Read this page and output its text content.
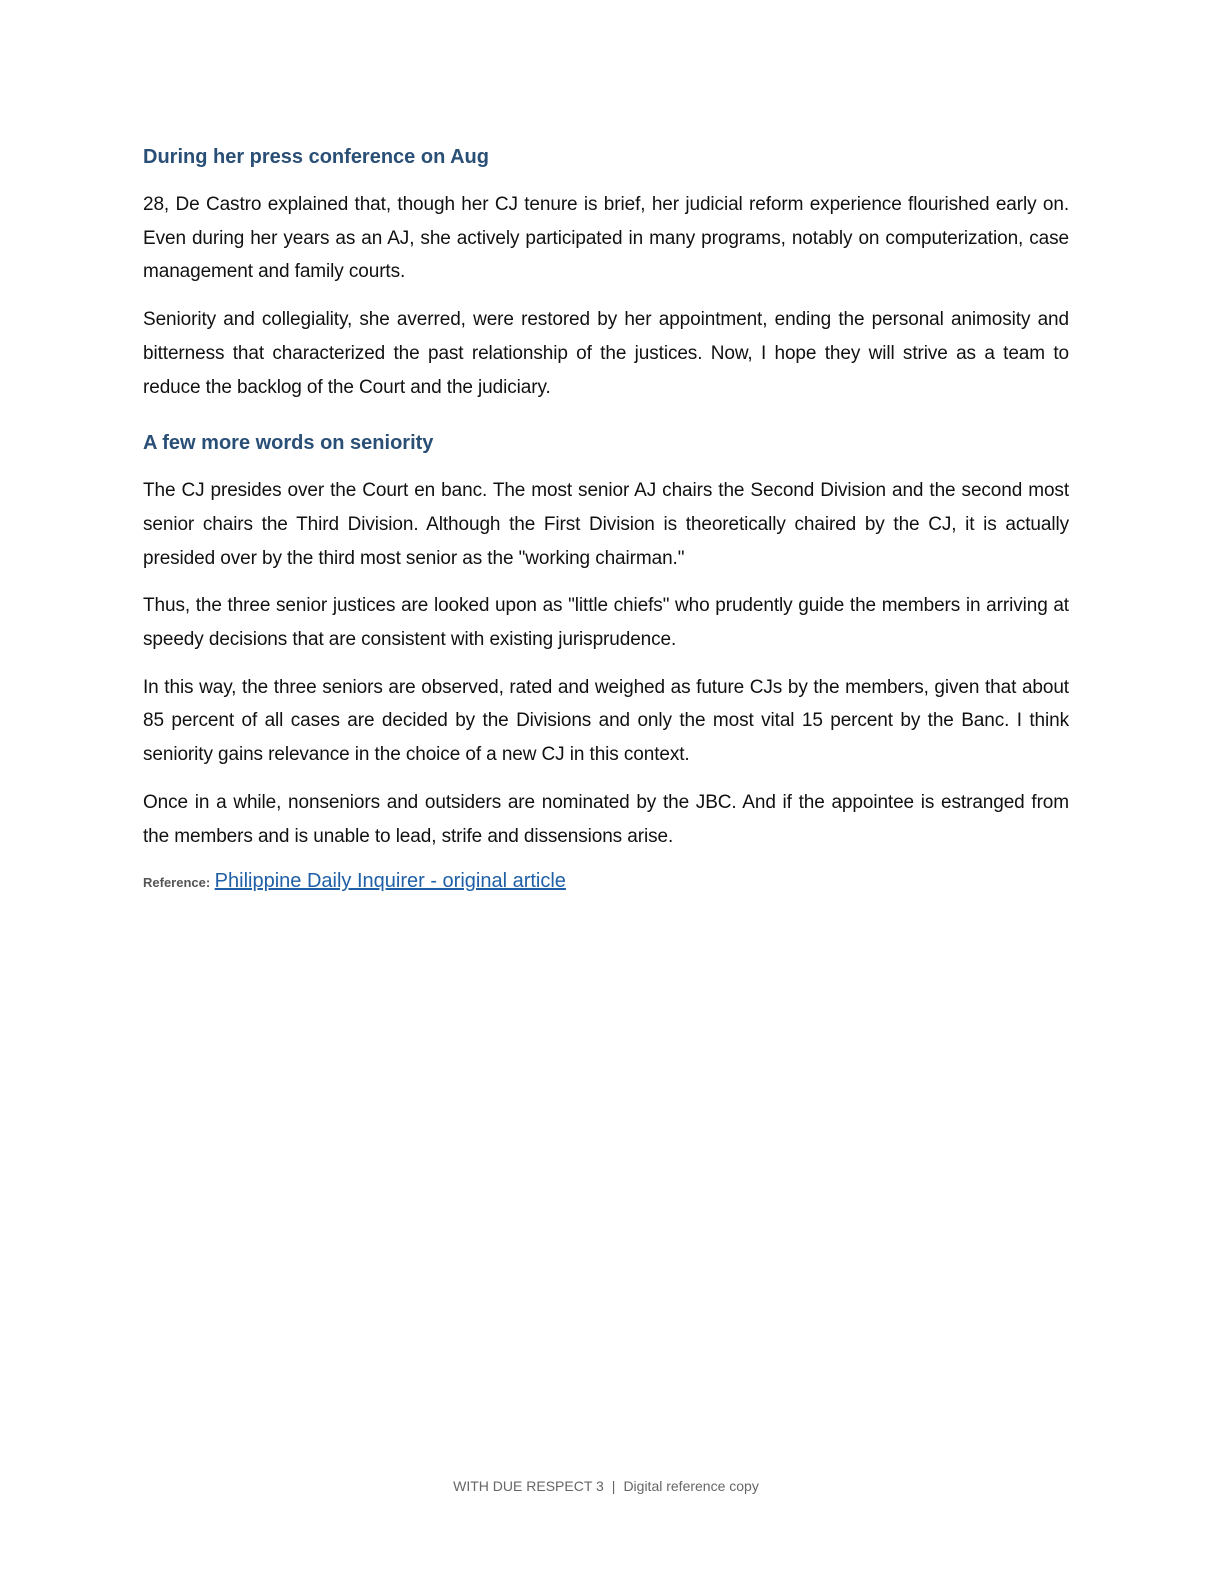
During her press conference on Aug

28, De Castro explained that, though her CJ tenure is brief, her judicial reform experience flourished early on. Even during her years as an AJ, she actively participated in many programs, notably on computerization, case management and family courts.

Seniority and collegiality, she averred, were restored by her appointment, ending the personal animosity and bitterness that characterized the past relationship of the justices. Now, I hope they will strive as a team to reduce the backlog of the Court and the judiciary.

A few more words on seniority

The CJ presides over the Court en banc. The most senior AJ chairs the Second Division and the second most senior chairs the Third Division. Although the First Division is theoretically chaired by the CJ, it is actually presided over by the third most senior as the "working chairman."

Thus, the three senior justices are looked upon as "little chiefs" who prudently guide the members in arriving at speedy decisions that are consistent with existing jurisprudence.

In this way, the three seniors are observed, rated and weighed as future CJs by the members, given that about 85 percent of all cases are decided by the Divisions and only the most vital 15 percent by the Banc. I think seniority gains relevance in the choice of a new CJ in this context.

Once in a while, nonseniors and outsiders are nominated by the JBC. And if the appointee is estranged from the members and is unable to lead, strife and dissensions arise.

Reference: Philippine Daily Inquirer - original article
WITH DUE RESPECT 3 | Digital reference copy
